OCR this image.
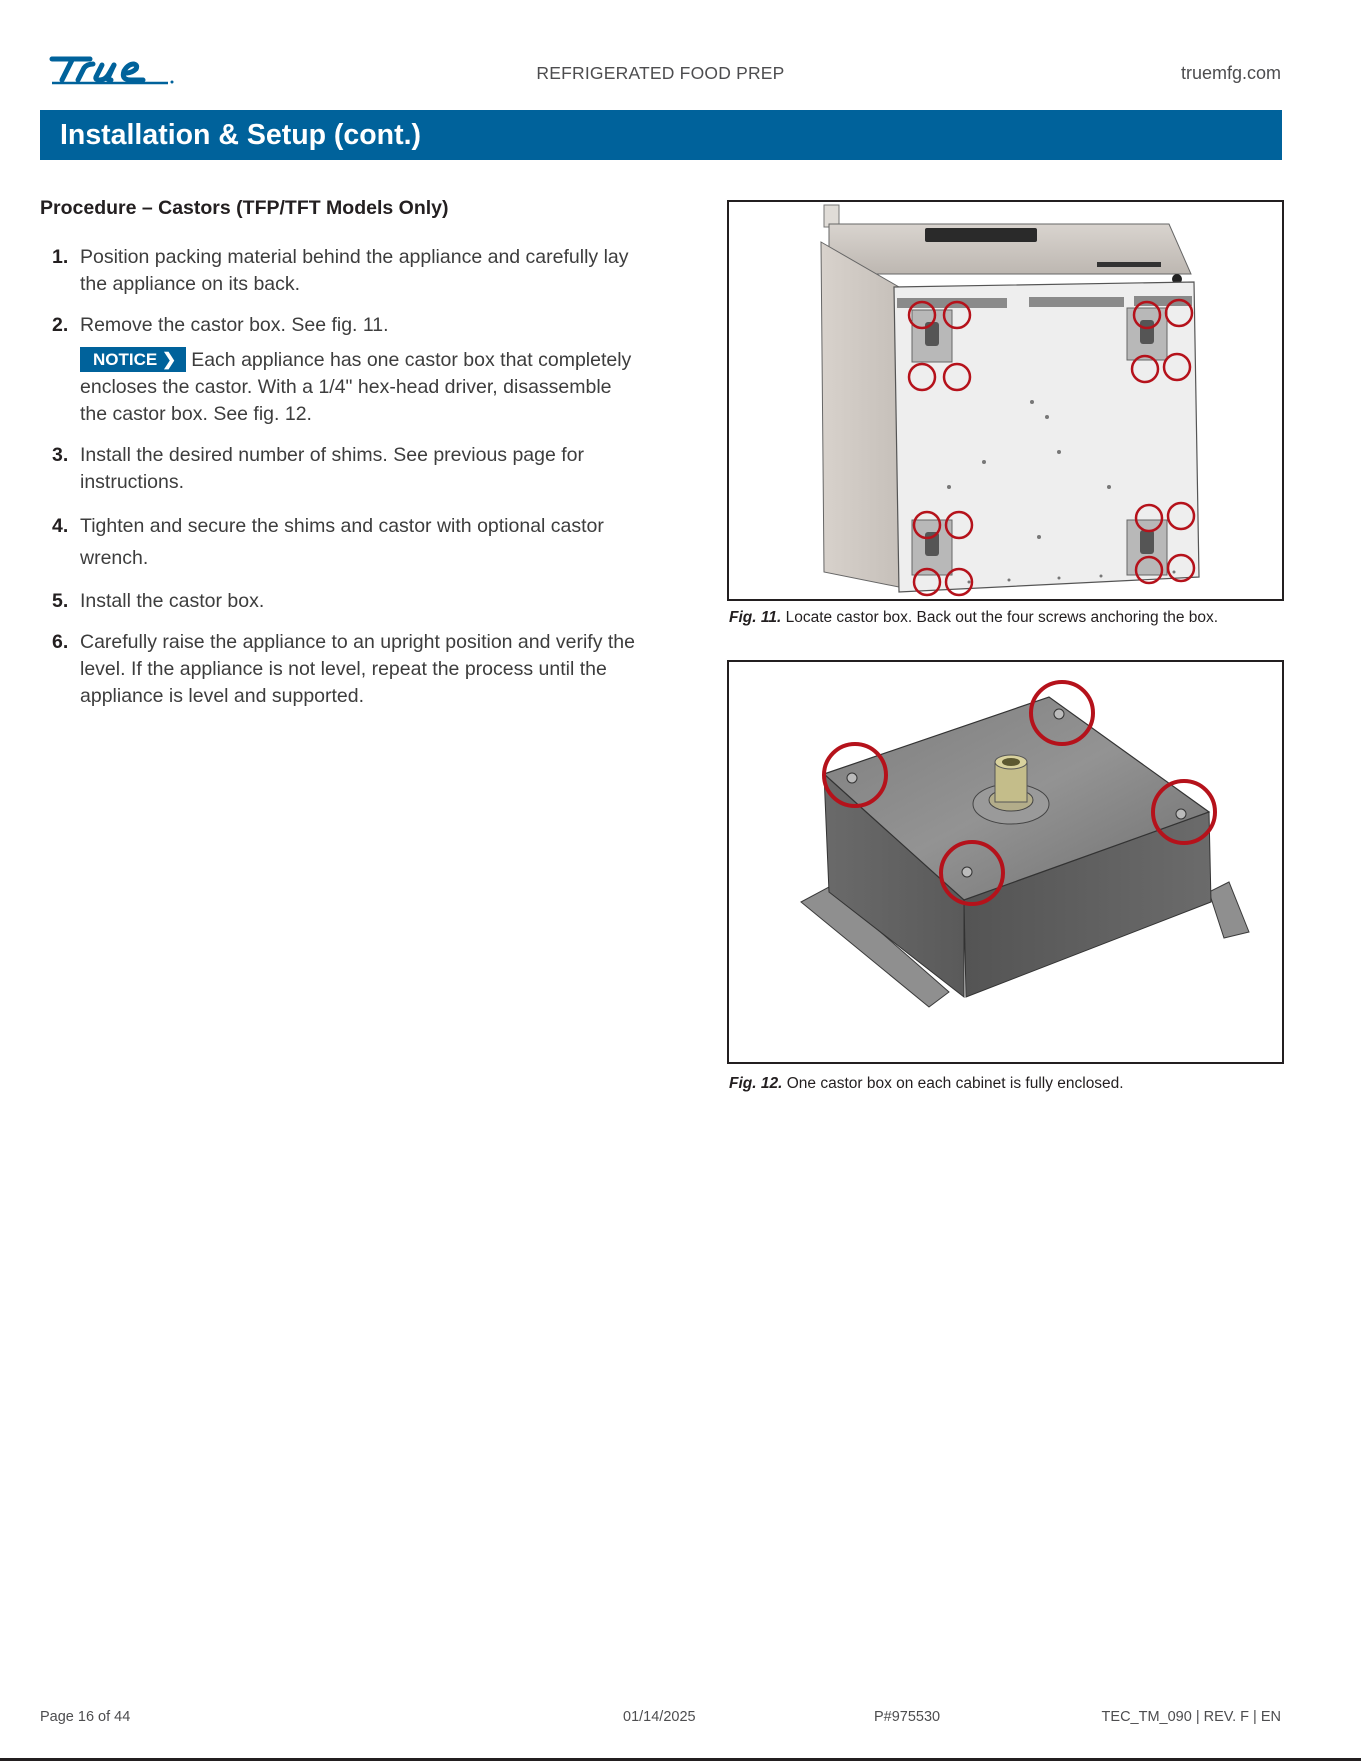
REFRIGERATED FOOD PREP	truemfg.com
Installation & Setup (cont.)
Procedure – Castors (TFP/TFT Models Only)
1. Position packing material behind the appliance and carefully lay the appliance on its back.
2. Remove the castor box. See fig. 11.
NOTICE ❯ Each appliance has one castor box that completely encloses the castor. With a 1/4" hex-head driver, disassemble the castor box. See fig. 12.
3. Install the desired number of shims. See previous page for instructions.
4. Tighten and secure the shims and castor with optional castor wrench.
5. Install the castor box.
6. Carefully raise the appliance to an upright position and verify the level. If the appliance is not level, repeat the process until the appliance is level and supported.
Fig. 11. Locate castor box. Back out the four screws anchoring the box.
Fig. 12. One castor box on each cabinet is fully enclosed.
Page 16 of 44	01/14/2025	P#975530	TEC_TM_090 | REV. F | EN
